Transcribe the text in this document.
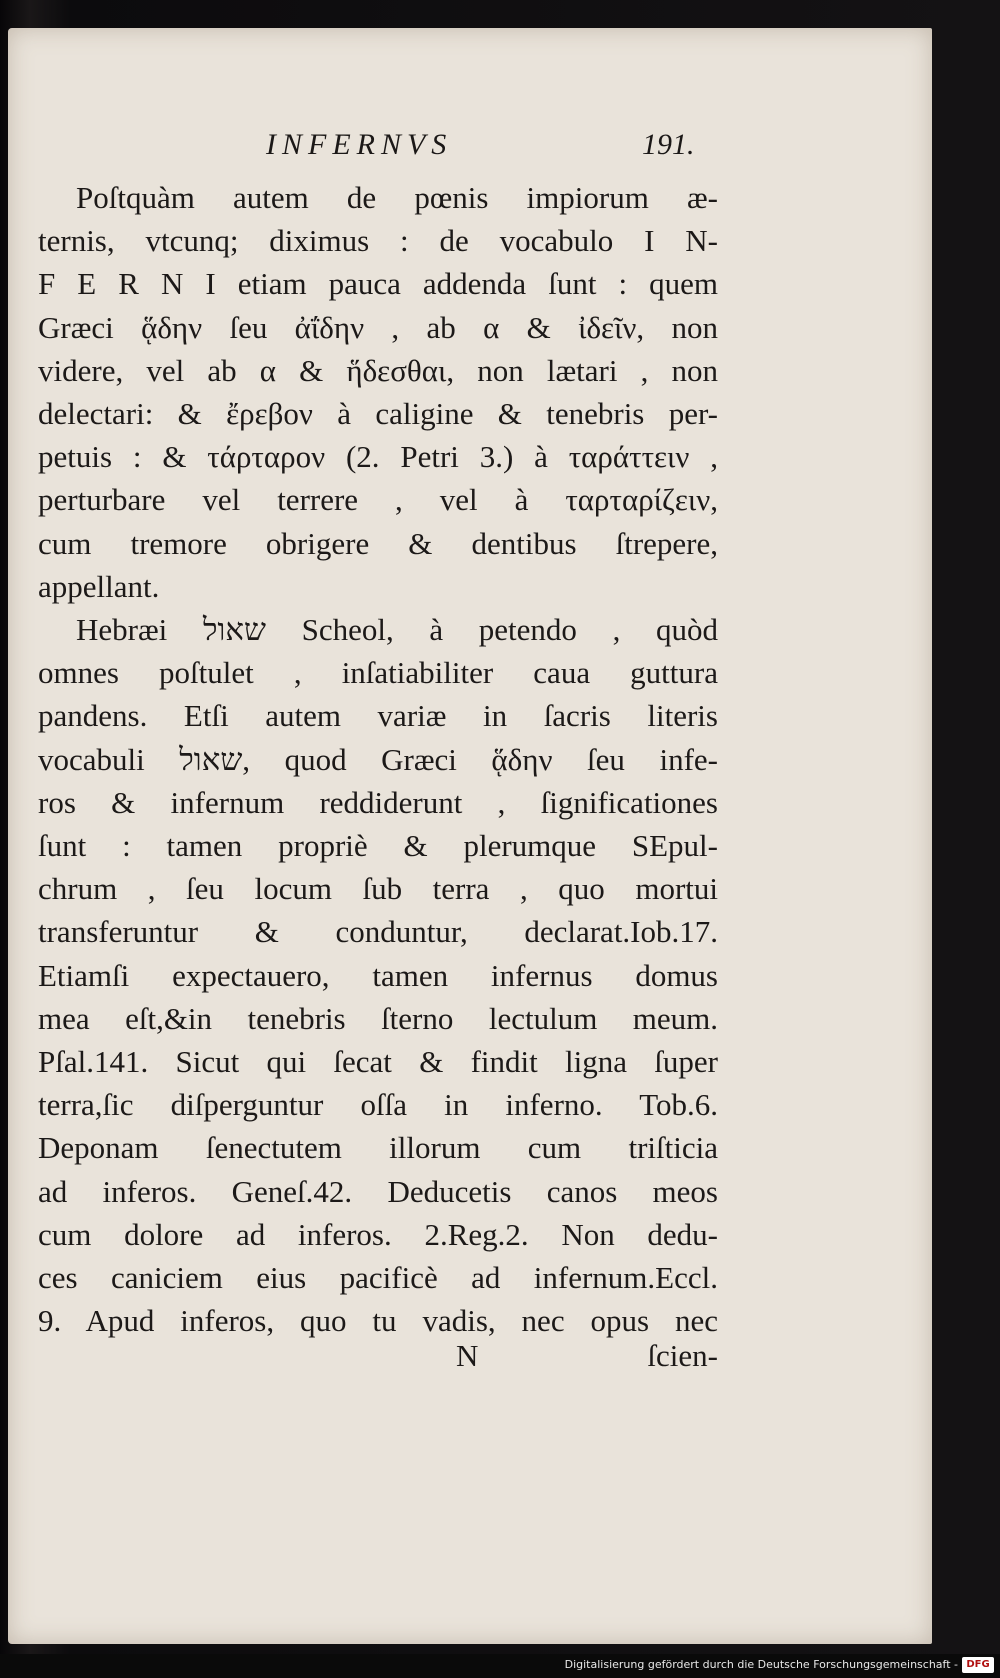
INFERNVS	191.
Poſtquàm autem de pœnis impiorum æ-
ternis, vtcunq; diximus : de vocabulo I N-
F E R N I etiam pauca addenda ſunt : quem
Græci ᾅδην ſeu ἀΐδην , ab α & ἰδεῖν, non
videre, vel ab α & ἥδεσθαι, non lætari , non
delectari: & ἔρεβον à caligine & tenebris per-
petuis : & τάρταρον (2. Petri 3.) à ταράττειν ,
perturbare vel terrere , vel à ταρταρίζειν,
cum tremore obrigere & dentibus ſtrepere,
appellant.
Hebræi שאול Scheol, à petendo , quòd
omnes poſtulet , inſatiabiliter caua guttura
pandens. Etſi autem variæ in ſacris literis
vocabuli שאול, quod Græci ᾅδην ſeu infe-
ros & infernum reddiderunt , ſignificationes
ſunt : tamen propriè & plerumque SEpul-
chrum , ſeu locum ſub terra , quo mortui
transferuntur & conduntur, declarat.Iob.17.
Etiamſi expectauero, tamen infernus domus
mea eſt,&in tenebris ſterno lectulum meum.
Pſal.141. Sicut qui ſecat & findit ligna ſuper
terra,ſic diſperguntur oſſa in inferno. Tob.6.
Deponam ſenectutem illorum cum triſticia
ad inferos. Geneſ.42. Deducetis canos meos
cum dolore ad inferos. 2.Reg.2. Non dedu-
ces caniciem eius pacificè ad infernum.Eccl.
9. Apud inferos, quo tu vadis, nec opus nec
N	ſcien-
Digitalisierung gefördert durch die Deutsche Forschungsgemeinschaft - DFG
